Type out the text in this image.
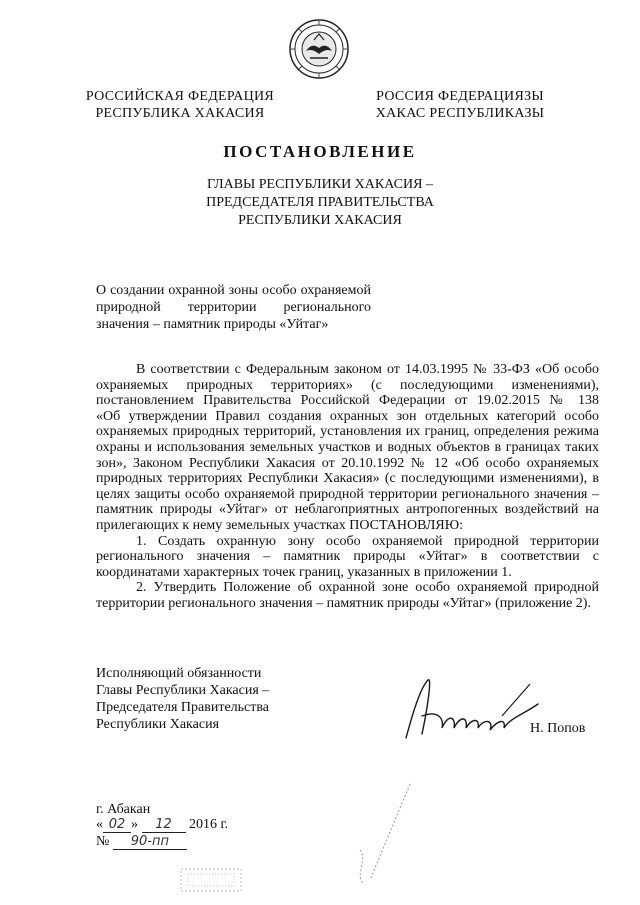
РОССИЙСКАЯ ФЕДЕРАЦИЯ
РЕСПУБЛИКА ХАКАСИЯ
РОССИЯ ФЕДЕРАЦИЯЗЫ
ХАКАС РЕСПУБЛИКАЗЫ
ПОСТАНОВЛЕНИЕ
ГЛАВЫ РЕСПУБЛИКИ ХАКАСИЯ –
ПРЕДСЕДАТЕЛЯ ПРАВИТЕЛЬСТВА
РЕСПУБЛИКИ ХАКАСИЯ
О создании охранной зоны особо охраняемой
природной территории регионального
значения – памятник природы «Уйтаг»
В соответствии с Федеральным законом от 14.03.1995 № 33-ФЗ «Об особо
охраняемых природных территориях» (с последующими изменениями),
постановлением Правительства Российской Федерации от 19.02.2015 № 138
«Об утверждении Правил создания охранных зон отдельных категорий особо
охраняемых природных территорий, установления их границ, определения режима
охраны и использования земельных участков и водных объектов в границах таких
зон», Законом Республики Хакасия от 20.10.1992 № 12 «Об особо охраняемых
природных территориях Республики Хакасия» (с последующими изменениями), в
целях защиты особо охраняемой природной территории регионального значения –
памятник природы «Уйтаг» от неблагоприятных антропогенных воздействий на
прилегающих к нему земельных участках ПОСТАНОВЛЯЮ:
1. Создать охранную зону особо охраняемой природной территории
регионального значения – памятник природы «Уйтаг» в соответствии с
координатами характерных точек границ, указанных в приложении 1.
2. Утвердить Положение об охранной зоне особо охраняемой природной
территории регионального значения – памятник природы «Уйтаг» (приложение 2).
Исполняющий обязанности
Главы Республики Хакасия –
Председателя Правительства
Республики Хакасия	Н. Попов
г. Абакан
« 02 » 12 2016 г.
№ 90-пп
